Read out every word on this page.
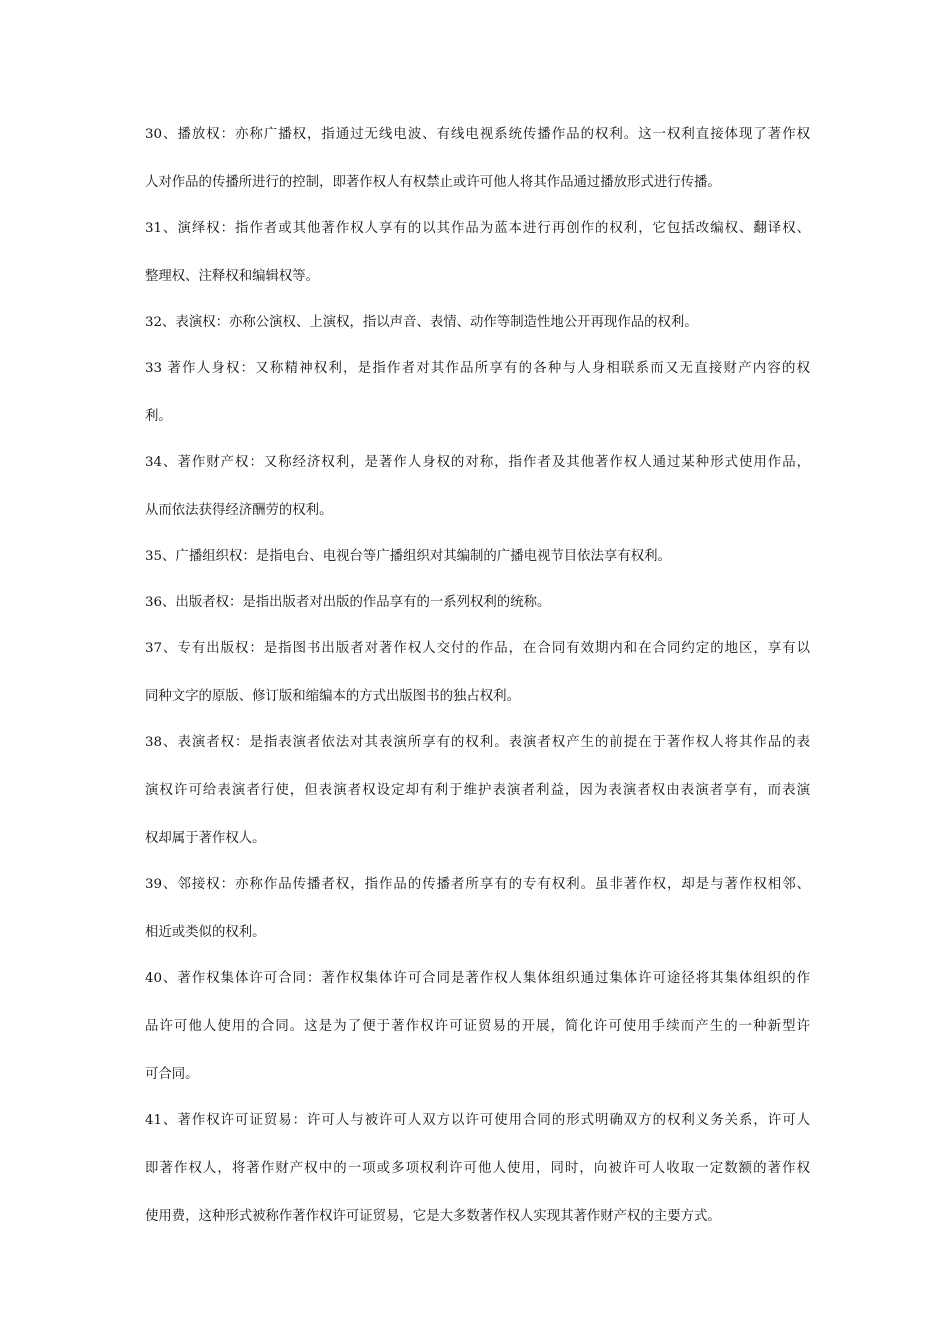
30、播放权：亦称广播权，指通过无线电波、有线电视系统传播作品的权利。这一权利直接体现了著作权
人对作品的传播所进行的控制，即著作权人有权禁止或许可他人将其作品通过播放形式进行传播。
31、演绎权：指作者或其他著作权人享有的以其作品为蓝本进行再创作的权利，它包括改编权、翻译权、
整理权、注释权和编辑权等。
32、表演权：亦称公演权、上演权，指以声音、表情、动作等制造性地公开再现作品的权利。
33 著作人身权：又称精神权利，是指作者对其作品所享有的各种与人身相联系而又无直接财产内容的权
利。
34、著作财产权：又称经济权利，是著作人身权的对称，指作者及其他著作权人通过某种形式使用作品，
从而依法获得经济酬劳的权利。
35、广播组织权：是指电台、电视台等广播组织对其编制的广播电视节目依法享有权利。
36、出版者权：是指出版者对出版的作品享有的一系列权利的统称。
37、专有出版权：是指图书出版者对著作权人交付的作品，在合同有效期内和在合同约定的地区，享有以
同种文字的原版、修订版和缩编本的方式出版图书的独占权利。
38、表演者权：是指表演者依法对其表演所享有的权利。表演者权产生的前提在于著作权人将其作品的表
演权许可给表演者行使，但表演者权设定却有利于维护表演者利益，因为表演者权由表演者享有，而表演
权却属于著作权人。
39、邻接权：亦称作品传播者权，指作品的传播者所享有的专有权利。虽非著作权，却是与著作权相邻、
相近或类似的权利。
40、著作权集体许可合同：著作权集体许可合同是著作权人集体组织通过集体许可途径将其集体组织的作
品许可他人使用的合同。这是为了便于著作权许可证贸易的开展，简化许可使用手续而产生的一种新型许
可合同。
41、著作权许可证贸易：许可人与被许可人双方以许可使用合同的形式明确双方的权利义务关系，许可人
即著作权人，将著作财产权中的一项或多项权利许可他人使用，同时，向被许可人收取一定数额的著作权
使用费，这种形式被称作著作权许可证贸易，它是大多数著作权人实现其著作财产权的主要方式。
